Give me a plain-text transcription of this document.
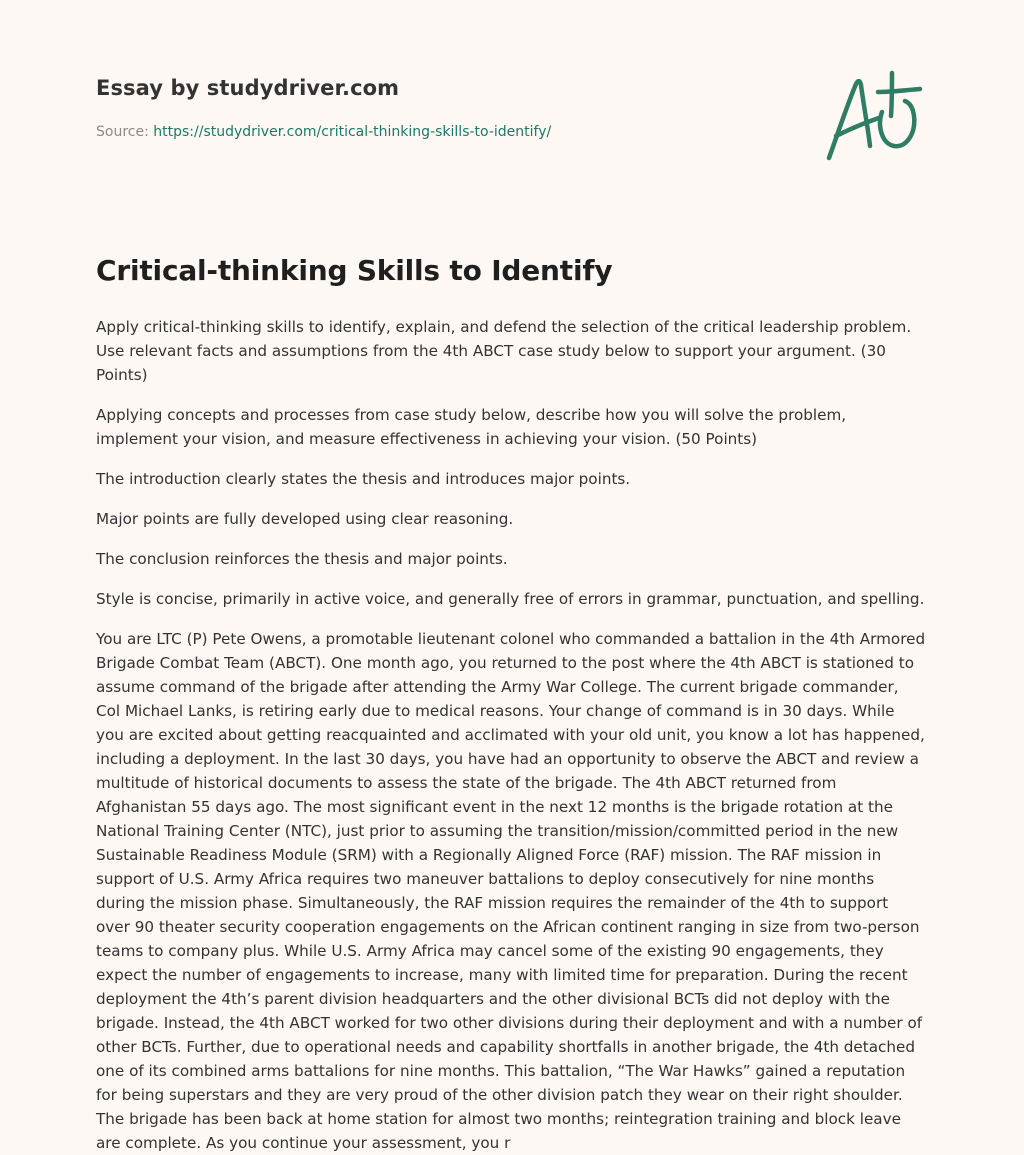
Essay by studydriver.com
Source: https://studydriver.com/critical-thinking-skills-to-identify/
Critical-thinking Skills to Identify

Apply critical-thinking skills to identify, explain, and defend the selection of the critical leadership problem. Use relevant facts and assumptions from the 4th ABCT case study below to support your argument. (30 Points)

Applying concepts and processes from case study below, describe how you will solve the problem, implement your vision, and measure effectiveness in achieving your vision. (50 Points)

The introduction clearly states the thesis and introduces major points.

Major points are fully developed using clear reasoning.

The conclusion reinforces the thesis and major points.

Style is concise, primarily in active voice, and generally free of errors in grammar, punctuation, and spelling.

You are LTC (P) Pete Owens, a promotable lieutenant colonel who commanded a battalion in the 4th Armored Brigade Combat Team (ABCT). One month ago, you returned to the post where the 4th ABCT is stationed to assume command of the brigade after attending the Army War College. The current brigade commander, Col Michael Lanks, is retiring early due to medical reasons. Your change of command is in 30 days. While you are excited about getting reacquainted and acclimated with your old unit, you know a lot has happened, including a deployment. In the last 30 days, you have had an opportunity to observe the ABCT and review a multitude of historical documents to assess the state of the brigade. The 4th ABCT returned from Afghanistan 55 days ago. The most significant event in the next 12 months is the brigade rotation at the National Training Center (NTC), just prior to assuming the transition/mission/committed period in the new Sustainable Readiness Module (SRM) with a Regionally Aligned Force (RAF) mission. The RAF mission in support of U.S. Army Africa requires two maneuver battalions to deploy consecutively for nine months during the mission phase. Simultaneously, the RAF mission requires the remainder of the 4th to support over 90 theater security cooperation engagements on the African continent ranging in size from two-person teams to company plus. While U.S. Army Africa may cancel some of the existing 90 engagements, they expect the number of engagements to increase, many with limited time for preparation. During the recent deployment the 4th’s parent division headquarters and the other divisional BCTs did not deploy with the brigade. Instead, the 4th ABCT worked for two other divisions during their deployment and with a number of other BCTs. Further, due to operational needs and capability shortfalls in another brigade, the 4th detached one of its combined arms battalions for nine months. This battalion, “The War Hawks” gained a reputation for being superstars and they are very proud of the other division patch they wear on their right shoulder. The brigade has been back at home station for almost two months; reintegration training and block leave are complete. As you continue your assessment, you r
